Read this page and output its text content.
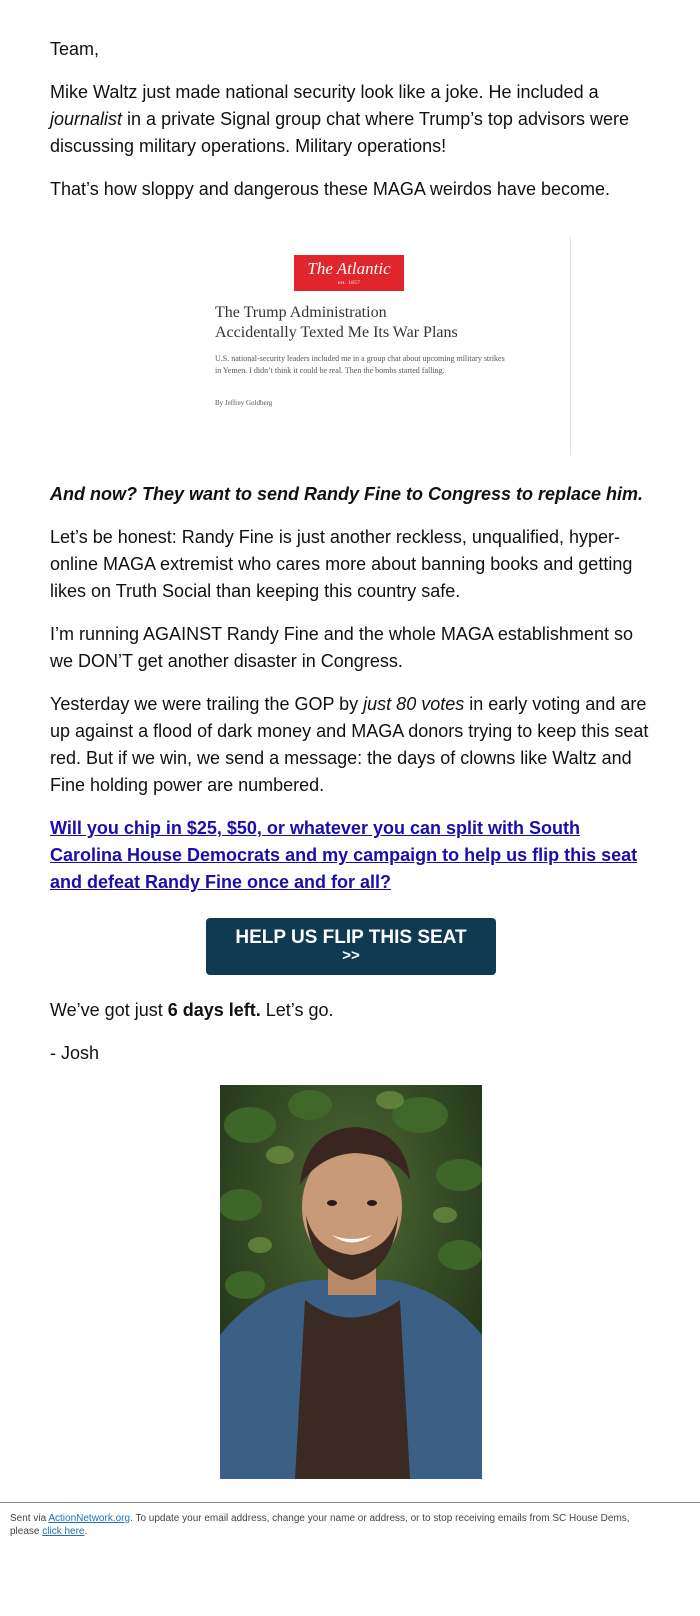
Team,

Mike Waltz just made national security look like a joke. He included a journalist in a private Signal group chat where Trump’s top advisors were discussing military operations. Military operations!

That’s how sloppy and dangerous these MAGA weirdos have become.

The Atlantic
est. 1857
The Trump Administration
Accidentally Texted Me Its War Plans
U.S. national-security leaders included me in a group chat about upcoming military strikes in Yemen. I didn’t think it could be real. Then the bombs started falling.
By Jeffrey Goldberg

And now? They want to send Randy Fine to Congress to replace him.

Let’s be honest: Randy Fine is just another reckless, unqualified, hyper-online MAGA extremist who cares more about banning books and getting likes on Truth Social than keeping this country safe.

I’m running AGAINST Randy Fine and the whole MAGA establishment so we DON’T get another disaster in Congress.

Yesterday we were trailing the GOP by just 80 votes in early voting and are up against a flood of dark money and MAGA donors trying to keep this seat red. But if we win, we send a message: the days of clowns like Waltz and Fine holding power are numbered.

Will you chip in $25, $50, or whatever you can split with South Carolina House Democrats and my campaign to help us flip this seat and defeat Randy Fine once and for all?

HELP US FLIP THIS SEAT
>>

We’ve got just 6 days left. Let’s go.

- Josh

Sent via ActionNetwork.org. To update your email address, change your name or address, or to stop receiving emails from SC House Dems, please click here.
